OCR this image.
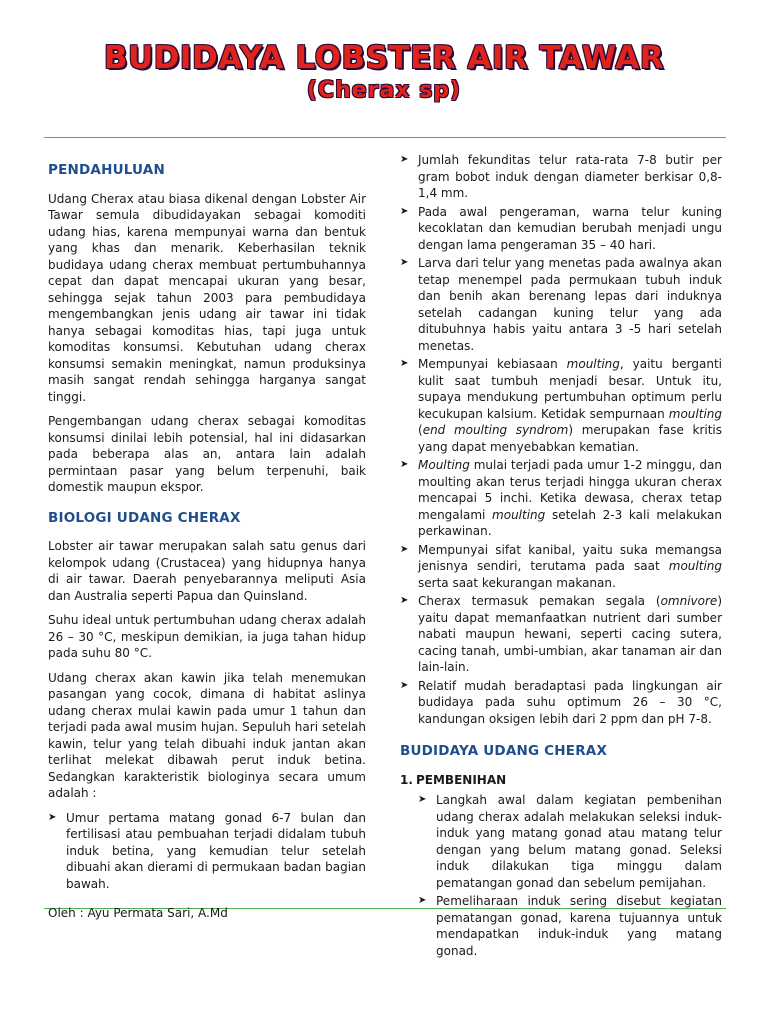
BUDIDAYA LOBSTER AIR TAWAR
(Cherax sp)
PENDAHULUAN

Udang Cherax atau biasa dikenal dengan Lobster Air Tawar semula dibudidayakan sebagai komoditi udang hias, karena mempunyai warna dan bentuk yang khas dan menarik. Keberhasilan teknik budidaya udang cherax membuat pertumbuhannya cepat dan dapat mencapai ukuran yang besar, sehingga sejak tahun 2003 para pembudidaya mengembangkan jenis udang air tawar ini tidak hanya sebagai komoditas hias, tapi juga untuk komoditas konsumsi. Kebutuhan udang cherax konsumsi semakin meningkat, namun produksinya masih sangat rendah sehingga harganya sangat tinggi.

Pengembangan udang cherax sebagai komoditas konsumsi dinilai lebih potensial, hal ini didasarkan pada beberapa alas an, antara lain adalah permintaan pasar yang belum terpenuhi, baik domestik maupun ekspor.

BIOLOGI UDANG CHERAX

Lobster air tawar merupakan salah satu genus dari kelompok udang (Crustacea) yang hidupnya hanya di air tawar. Daerah penyebarannya meliputi Asia dan Australia seperti Papua dan Quinsland.

Suhu ideal untuk pertumbuhan udang cherax adalah 26 – 30 °C, meskipun demikian, ia juga tahan hidup pada suhu 80 °C.

Udang cherax akan kawin jika telah menemukan pasangan yang cocok, dimana di habitat aslinya udang cherax mulai kawin pada umur 1 tahun dan terjadi pada awal musim hujan. Sepuluh hari setelah kawin, telur yang telah dibuahi induk jantan akan terlihat melekat dibawah perut induk betina. Sedangkan karakteristik biologinya secara umum adalah :

➤ Umur pertama matang gonad 6-7 bulan dan fertilisasi atau pembuahan terjadi didalam tubuh induk betina, yang kemudian telur setelah dibuahi akan dierami di permukaan badan bagian bawah.
➤ Jumlah fekunditas telur rata-rata 7-8 butir per gram bobot induk dengan diameter berkisar 0,8-1,4 mm.
➤ Pada awal pengeraman, warna telur kuning kecoklatan dan kemudian berubah menjadi ungu dengan lama pengeraman 35 – 40 hari.
➤ Larva dari telur yang menetas pada awalnya akan tetap menempel pada permukaan tubuh induk dan benih akan berenang lepas dari induknya setelah cadangan kuning telur yang ada ditubuhnya habis yaitu antara 3 -5 hari setelah menetas.
➤ Mempunyai kebiasaan moulting, yaitu berganti kulit saat tumbuh menjadi besar. Untuk itu, supaya mendukung pertumbuhan optimum perlu kecukupan kalsium. Ketidak sempurnaan moulting (end moulting syndrom) merupakan fase kritis yang dapat menyebabkan kematian.
➤ Moulting mulai terjadi pada umur 1-2 minggu, dan moulting akan terus terjadi hingga ukuran cherax mencapai 5 inchi. Ketika dewasa, cherax tetap mengalami moulting setelah 2-3 kali melakukan perkawinan.
➤ Mempunyai sifat kanibal, yaitu suka memangsa jenisnya sendiri, terutama pada saat moulting serta saat kekurangan makanan.
➤ Cherax termasuk pemakan segala (omnivore) yaitu dapat memanfaatkan nutrient dari sumber nabati maupun hewani, seperti cacing sutera, cacing tanah, umbi-umbian, akar tanaman air dan lain-lain.
➤ Relatif mudah beradaptasi pada lingkungan air budidaya pada suhu optimum 26 – 30 °C, kandungan oksigen lebih dari 2 ppm dan pH 7-8.
BUDIDAYA UDANG CHERAX
1. PEMBENIHAN
➤ Langkah awal dalam kegiatan pembenihan udang cherax adalah melakukan seleksi induk-induk yang matang gonad atau matang telur dengan yang belum matang gonad. Seleksi induk dilakukan tiga minggu dalam pematangan gonad dan sebelum pemijahan.
➤ Pemeliharaan induk sering disebut kegiatan pematangan gonad, karena tujuannya untuk mendapatkan induk-induk yang matang gonad.
Oleh : Ayu Permata Sari, A.Md
